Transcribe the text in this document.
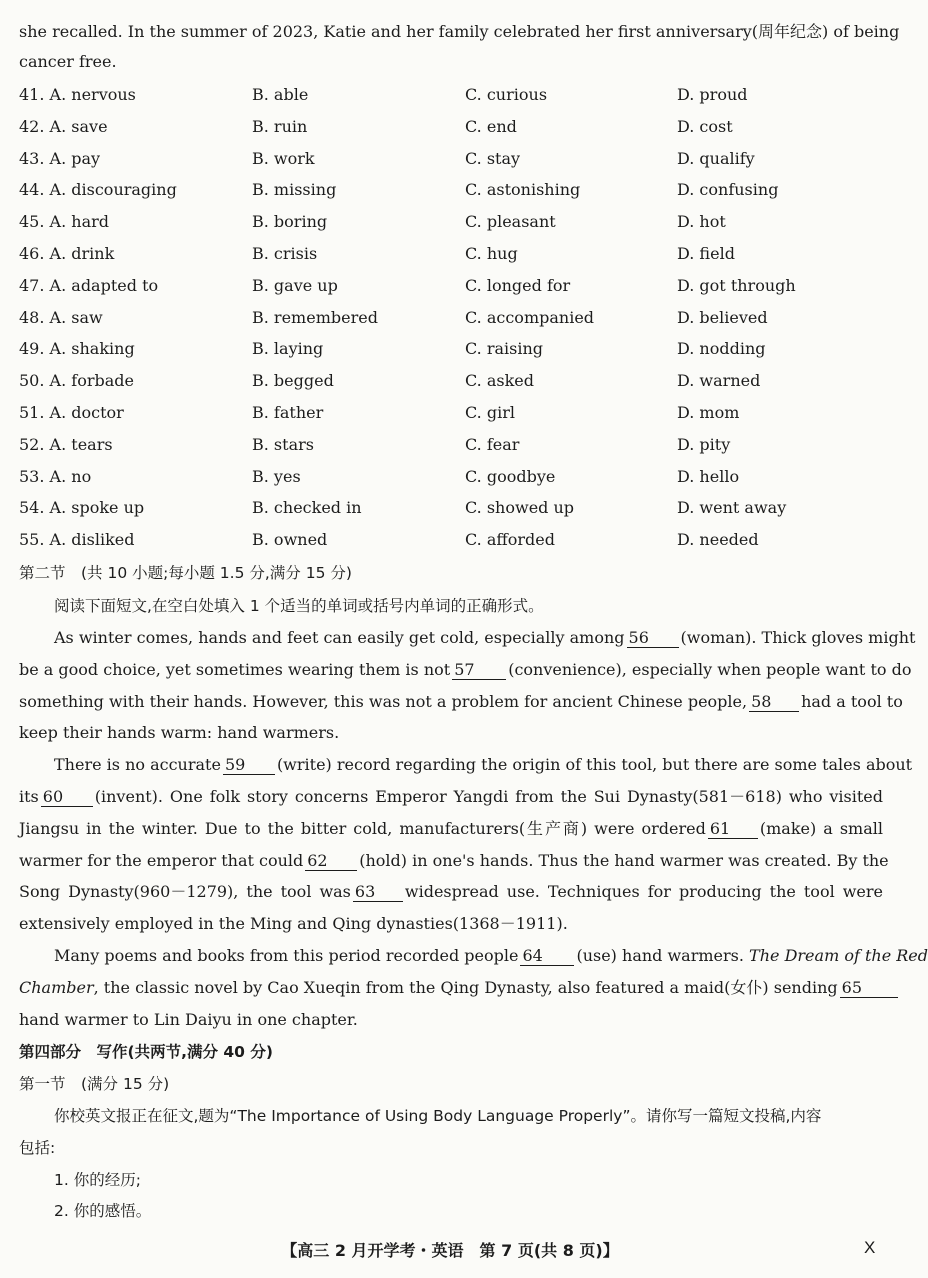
she recalled. In the summer of 2023, Katie and her family celebrated her first anniversary(周年纪念) of being
cancer free.
41. A. nervous	B. able	C. curious	D. proud
42. A. save	B. ruin	C. end	D. cost
43. A. pay	B. work	C. stay	D. qualify
44. A. discouraging	B. missing	C. astonishing	D. confusing
45. A. hard	B. boring	C. pleasant	D. hot
46. A. drink	B. crisis	C. hug	D. field
47. A. adapted to	B. gave up	C. longed for	D. got through
48. A. saw	B. remembered	C. accompanied	D. believed
49. A. shaking	B. laying	C. raising	D. nodding
50. A. forbade	B. begged	C. asked	D. warned
51. A. doctor	B. father	C. girl	D. mom
52. A. tears	B. stars	C. fear	D. pity
53. A. no	B. yes	C. goodbye	D. hello
54. A. spoke up	B. checked in	C. showed up	D. went away
55. A. disliked	B. owned	C. afforded	D. needed
第二节　(共 10 小题;每小题 1.5 分,满分 15 分)
阅读下面短文,在空白处填入 1 个适当的单词或括号内单词的正确形式。
As winter comes, hands and feet can easily get cold, especially among 56 (woman). Thick gloves might
be a good choice, yet sometimes wearing them is not 57 (convenience), especially when people want to do
something with their hands. However, this was not a problem for ancient Chinese people, 58 had a tool to
keep their hands warm: hand warmers.
There is no accurate 59 (write) record regarding the origin of this tool, but there are some tales about
its 60 (invent). One folk story concerns Emperor Yangdi from the Sui Dynasty(581－618) who visited
Jiangsu in the winter. Due to the bitter cold, manufacturers(生产商) were ordered 61 (make) a small
warmer for the emperor that could 62 (hold) in one's hands. Thus the hand warmer was created. By the
Song Dynasty(960－1279), the tool was 63 widespread use. Techniques for producing the tool were
extensively employed in the Ming and Qing dynasties(1368－1911).
Many poems and books from this period recorded people 64 (use) hand warmers. The Dream of the Red
Chamber, the classic novel by Cao Xueqin from the Qing Dynasty, also featured a maid(女仆) sending 65
hand warmer to Lin Daiyu in one chapter.
第四部分　写作(共两节,满分 40 分)
第一节　(满分 15 分)
你校英文报正在征文,题为“The Importance of Using Body Language Properly”。请你写一篇短文投稿,内容
包括:
1. 你的经历;
2. 你的感悟。
【高三 2 月开学考・英语　第 7 页(共 8 页)】	X
